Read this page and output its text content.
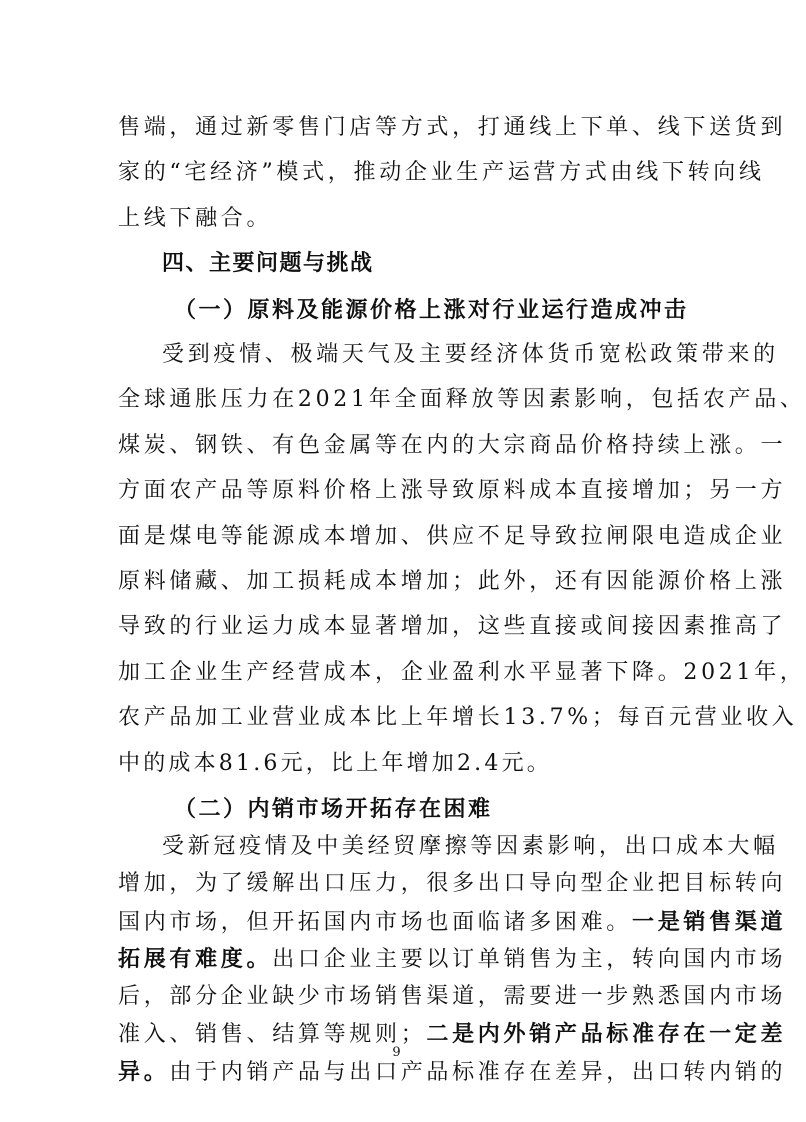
售端，通过新零售门店等方式，打通线上下单、线下送货到
家的“宅经济”模式，推动企业生产运营方式由线下转向线
上线下融合。
四、主要问题与挑战
（一）原料及能源价格上涨对行业运行造成冲击
受到疫情、极端天气及主要经济体货币宽松政策带来的
全球通胀压力在2021年全面释放等因素影响，包括农产品、
煤炭、钢铁、有色金属等在内的大宗商品价格持续上涨。一
方面农产品等原料价格上涨导致原料成本直接增加；另一方
面是煤电等能源成本增加、供应不足导致拉闸限电造成企业
原料储藏、加工损耗成本增加；此外，还有因能源价格上涨
导致的行业运力成本显著增加，这些直接或间接因素推高了
加工企业生产经营成本，企业盈利水平显著下降。2021年，
农产品加工业营业成本比上年增长13.7%；每百元营业收入
中的成本81.6元，比上年增加2.4元。
（二）内销市场开拓存在困难
受新冠疫情及中美经贸摩擦等因素影响，出口成本大幅
增加，为了缓解出口压力，很多出口导向型企业把目标转向
国内市场，但开拓国内市场也面临诸多困难。一是销售渠道
拓展有难度。出口企业主要以订单销售为主，转向国内市场
9
后，部分企业缺少市场销售渠道，需要进一步熟悉国内市场
准入、销售、结算等规则；二是内外销产品标准存在一定差
异。由于内销产品与出口产品标准存在差异，出口转内销的
